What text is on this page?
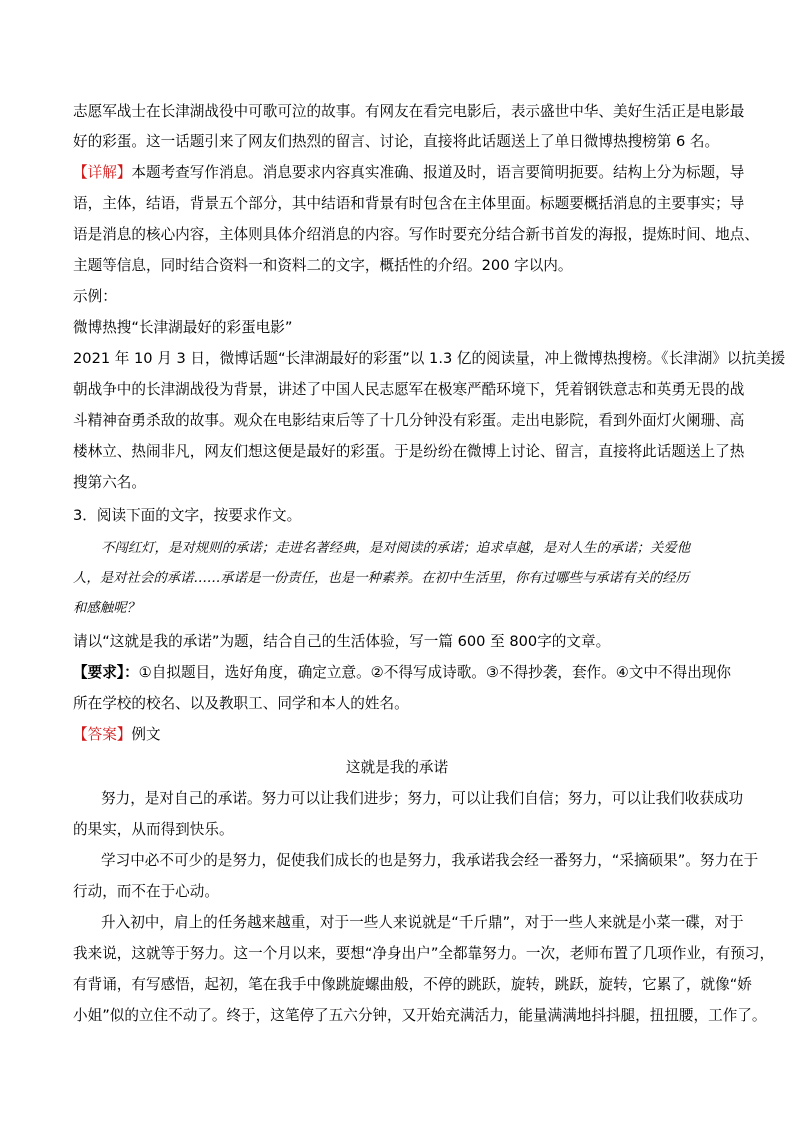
志愿军战士在长津湖战役中可歌可泣的故事。有网友在看完电影后，表示盛世中华、美好生活正是电影最
好的彩蛋。这一话题引来了网友们热烈的留言、讨论，直接将此话题送上了单日微博热搜榜第 6 名。
【详解】本题考查写作消息。消息要求内容真实准确、报道及时，语言要简明扼要。结构上分为标题，导
语，主体，结语，背景五个部分，其中结语和背景有时包含在主体里面。标题要概括消息的主要事实；导
语是消息的核心内容，主体则具体介绍消息的内容。写作时要充分结合新书首发的海报，提炼时间、地点、
主题等信息，同时结合资料一和资料二的文字，概括性的介绍。200 字以内。
示例：
微博热搜“长津湖最好的彩蛋电影”
2021 年 10 月 3 日，微博话题“长津湖最好的彩蛋”以 1.3 亿的阅读量，冲上微博热搜榜。《长津湖》以抗美援
朝战争中的长津湖战役为背景，讲述了中国人民志愿军在极寒严酷环境下，凭着钢铁意志和英勇无畏的战
斗精神奋勇杀敌的故事。观众在电影结束后等了十几分钟没有彩蛋。走出电影院，看到外面灯火阑珊、高
楼林立、热闹非凡，网友们想这便是最好的彩蛋。于是纷纷在微博上讨论、留言，直接将此话题送上了热
搜第六名。
3．阅读下面的文字，按要求作文。
不闯红灯，是对规则的承诺；走进名著经典，是对阅读的承诺；追求卓越，是对人生的承诺；关爱他
人，是对社会的承诺……承诺是一份责任，也是一种素养。在初中生活里，你有过哪些与承诺有关的经历
和感触呢？
请以“这就是我的承诺”为题，结合自己的生活体验，写一篇 600 至 800字的文章。
【要求】：①自拟题目，选好角度，确定立意。②不得写成诗歌。③不得抄袭，套作。④文中不得出现你
所在学校的校名、以及教职工、同学和本人的姓名。
【答案】例文
这就是我的承诺
努力，是对自己的承诺。努力可以让我们进步；努力，可以让我们自信；努力，可以让我们收获成功
的果实，从而得到快乐。
学习中必不可少的是努力，促使我们成长的也是努力，我承诺我会经一番努力，“采摘硕果”。努力在于
行动，而不在于心动。
升入初中，肩上的任务越来越重，对于一些人来说就是“千斤鼎”，对于一些人来就是小菜一碟，对于
我来说，这就等于努力。这一个月以来，要想“净身出户”全都靠努力。一次，老师布置了几项作业，有预习，
有背诵，有写感悟，起初，笔在我手中像跳旋螺曲般，不停的跳跃，旋转，跳跃，旋转，它累了，就像“娇
小姐”似的立住不动了。终于，这笔停了五六分钟，又开始充满活力，能量满满地抖抖腿，扭扭腰，工作了。
